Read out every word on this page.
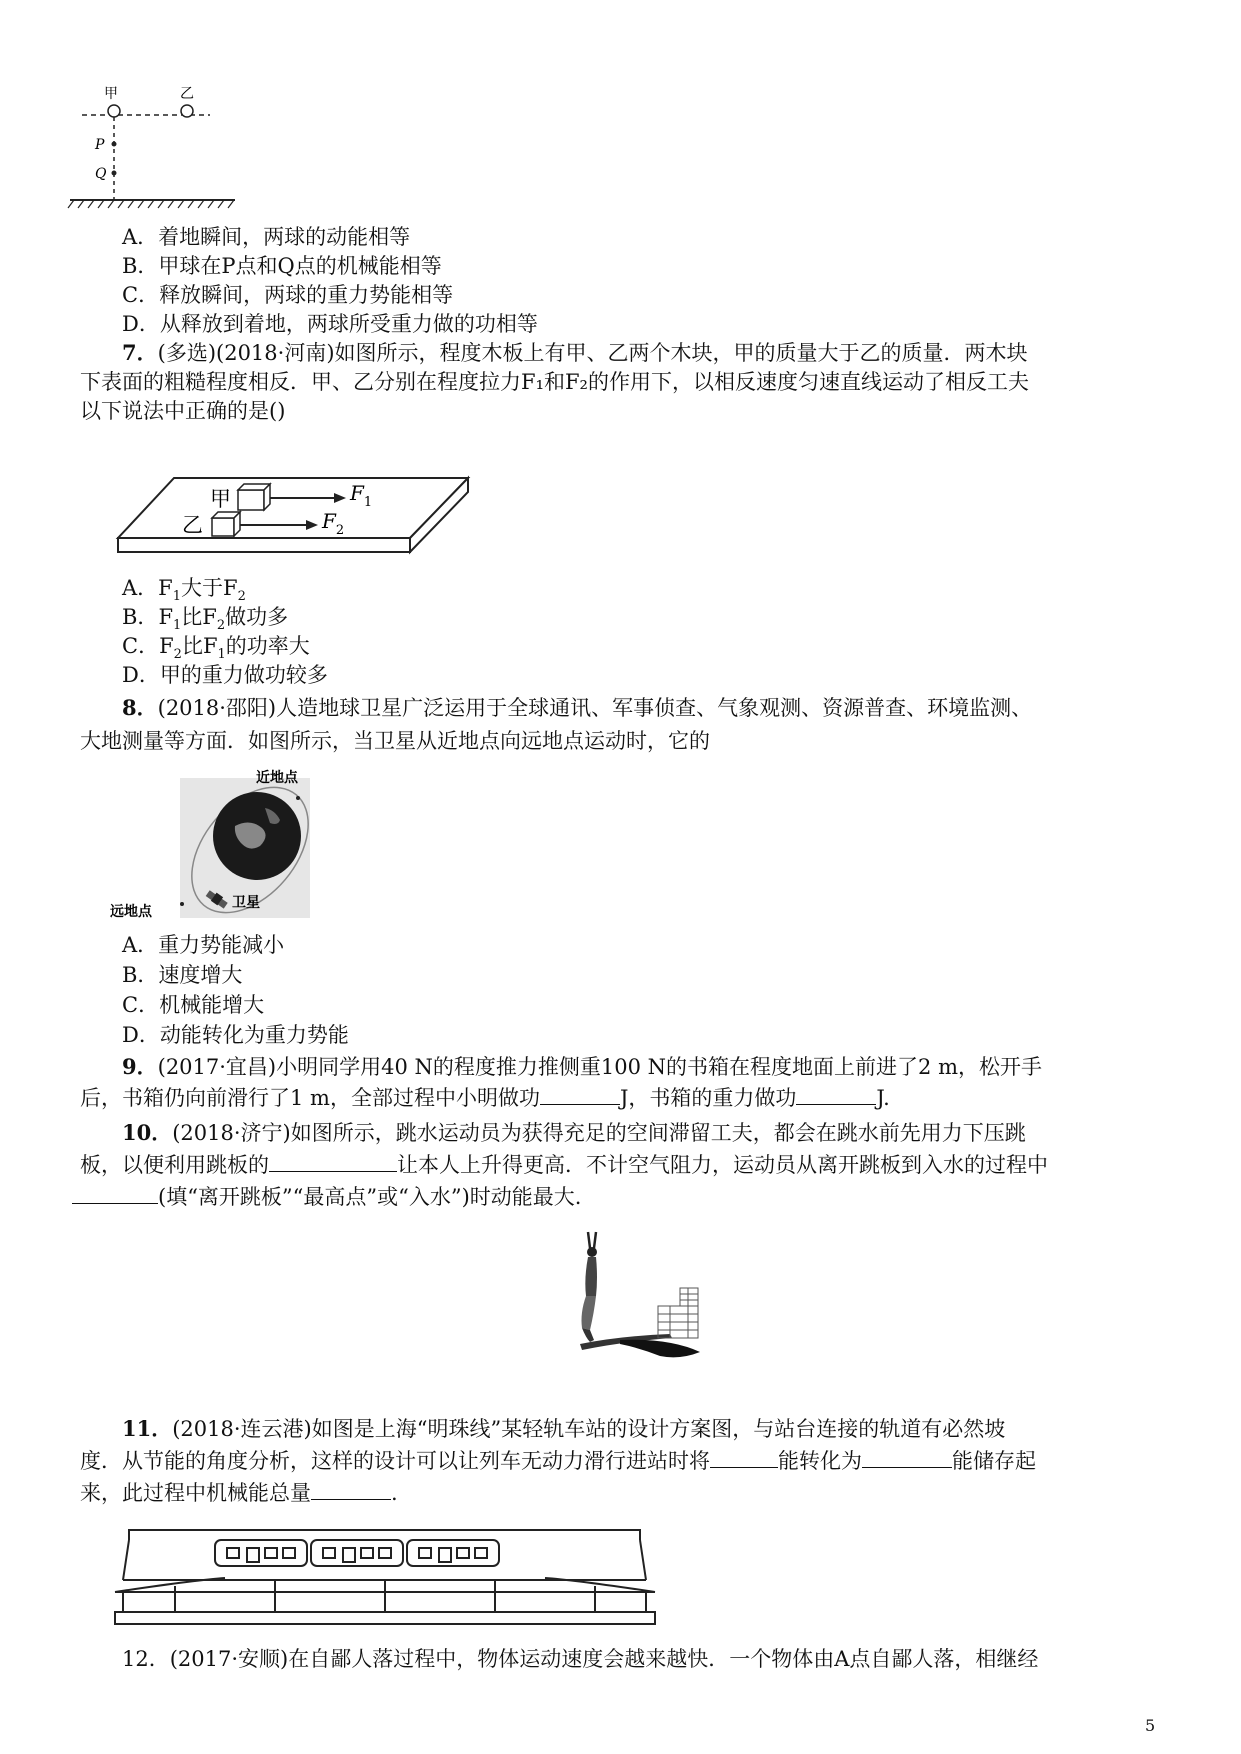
甲	乙
P
Q
A．着地瞬间，两球的动能相等
B．甲球在P点和Q点的机械能相等
C．释放瞬间，两球的重力势能相等
D．从释放到着地，两球所受重力做的功相等
7．(多选)(2018·河南)如图所示，程度木板上有甲、乙两个木块，甲的质量大于乙的质量．两木块
下表面的粗糙程度相反．甲、乙分别在程度拉力F₁和F₂的作用下，以相反速度匀速直线运动了相反工夫
以下说法中正确的是()
甲	$F_1$
乙	$F_2$
A．$F_1$大于$F_2$
B．$F_1$比$F_2$做功多
C．$F_2$比$F_1$的功率大
D．甲的重力做功较多
8．(2018·邵阳)人造地球卫星广泛运用于全球通讯、军事侦查、气象观测、资源普查、环境监测、
大地测量等方面．如图所示，当卫星从近地点向远地点运动时，它的
近地点
卫星
远地点
A．重力势能减小
B．速度增大
C．机械能增大
D．动能转化为重力势能
9．(2017·宜昌)小明同学用40 N的程度推力推侧重100 N的书箱在程度地面上前进了2 m，松开手
后，书箱仍向前滑行了1 m，全部过程中小明做功	J，书箱的重力做功	J.
10．(2018·济宁)如图所示，跳水运动员为获得充足的空间滞留工夫，都会在跳水前先用力下压跳
板，以便利用跳板的	让本人上升得更高．不计空气阻力，运动员从离开跳板到入水的过程中
(填“离开跳板”“最高点”或“入水”)时动能最大.
11．(2018·连云港)如图是上海“明珠线”某轻轨车站的设计方案图，与站台连接的轨道有必然坡
度．从节能的角度分析，这样的设计可以让列车无动力滑行进站时将	能转化为	能储存起
来，此过程中机械能总量	.
12．(2017·安顺)在自鄙人落过程中，物体运动速度会越来越快．一个物体由A点自鄙人落，相继经
5
